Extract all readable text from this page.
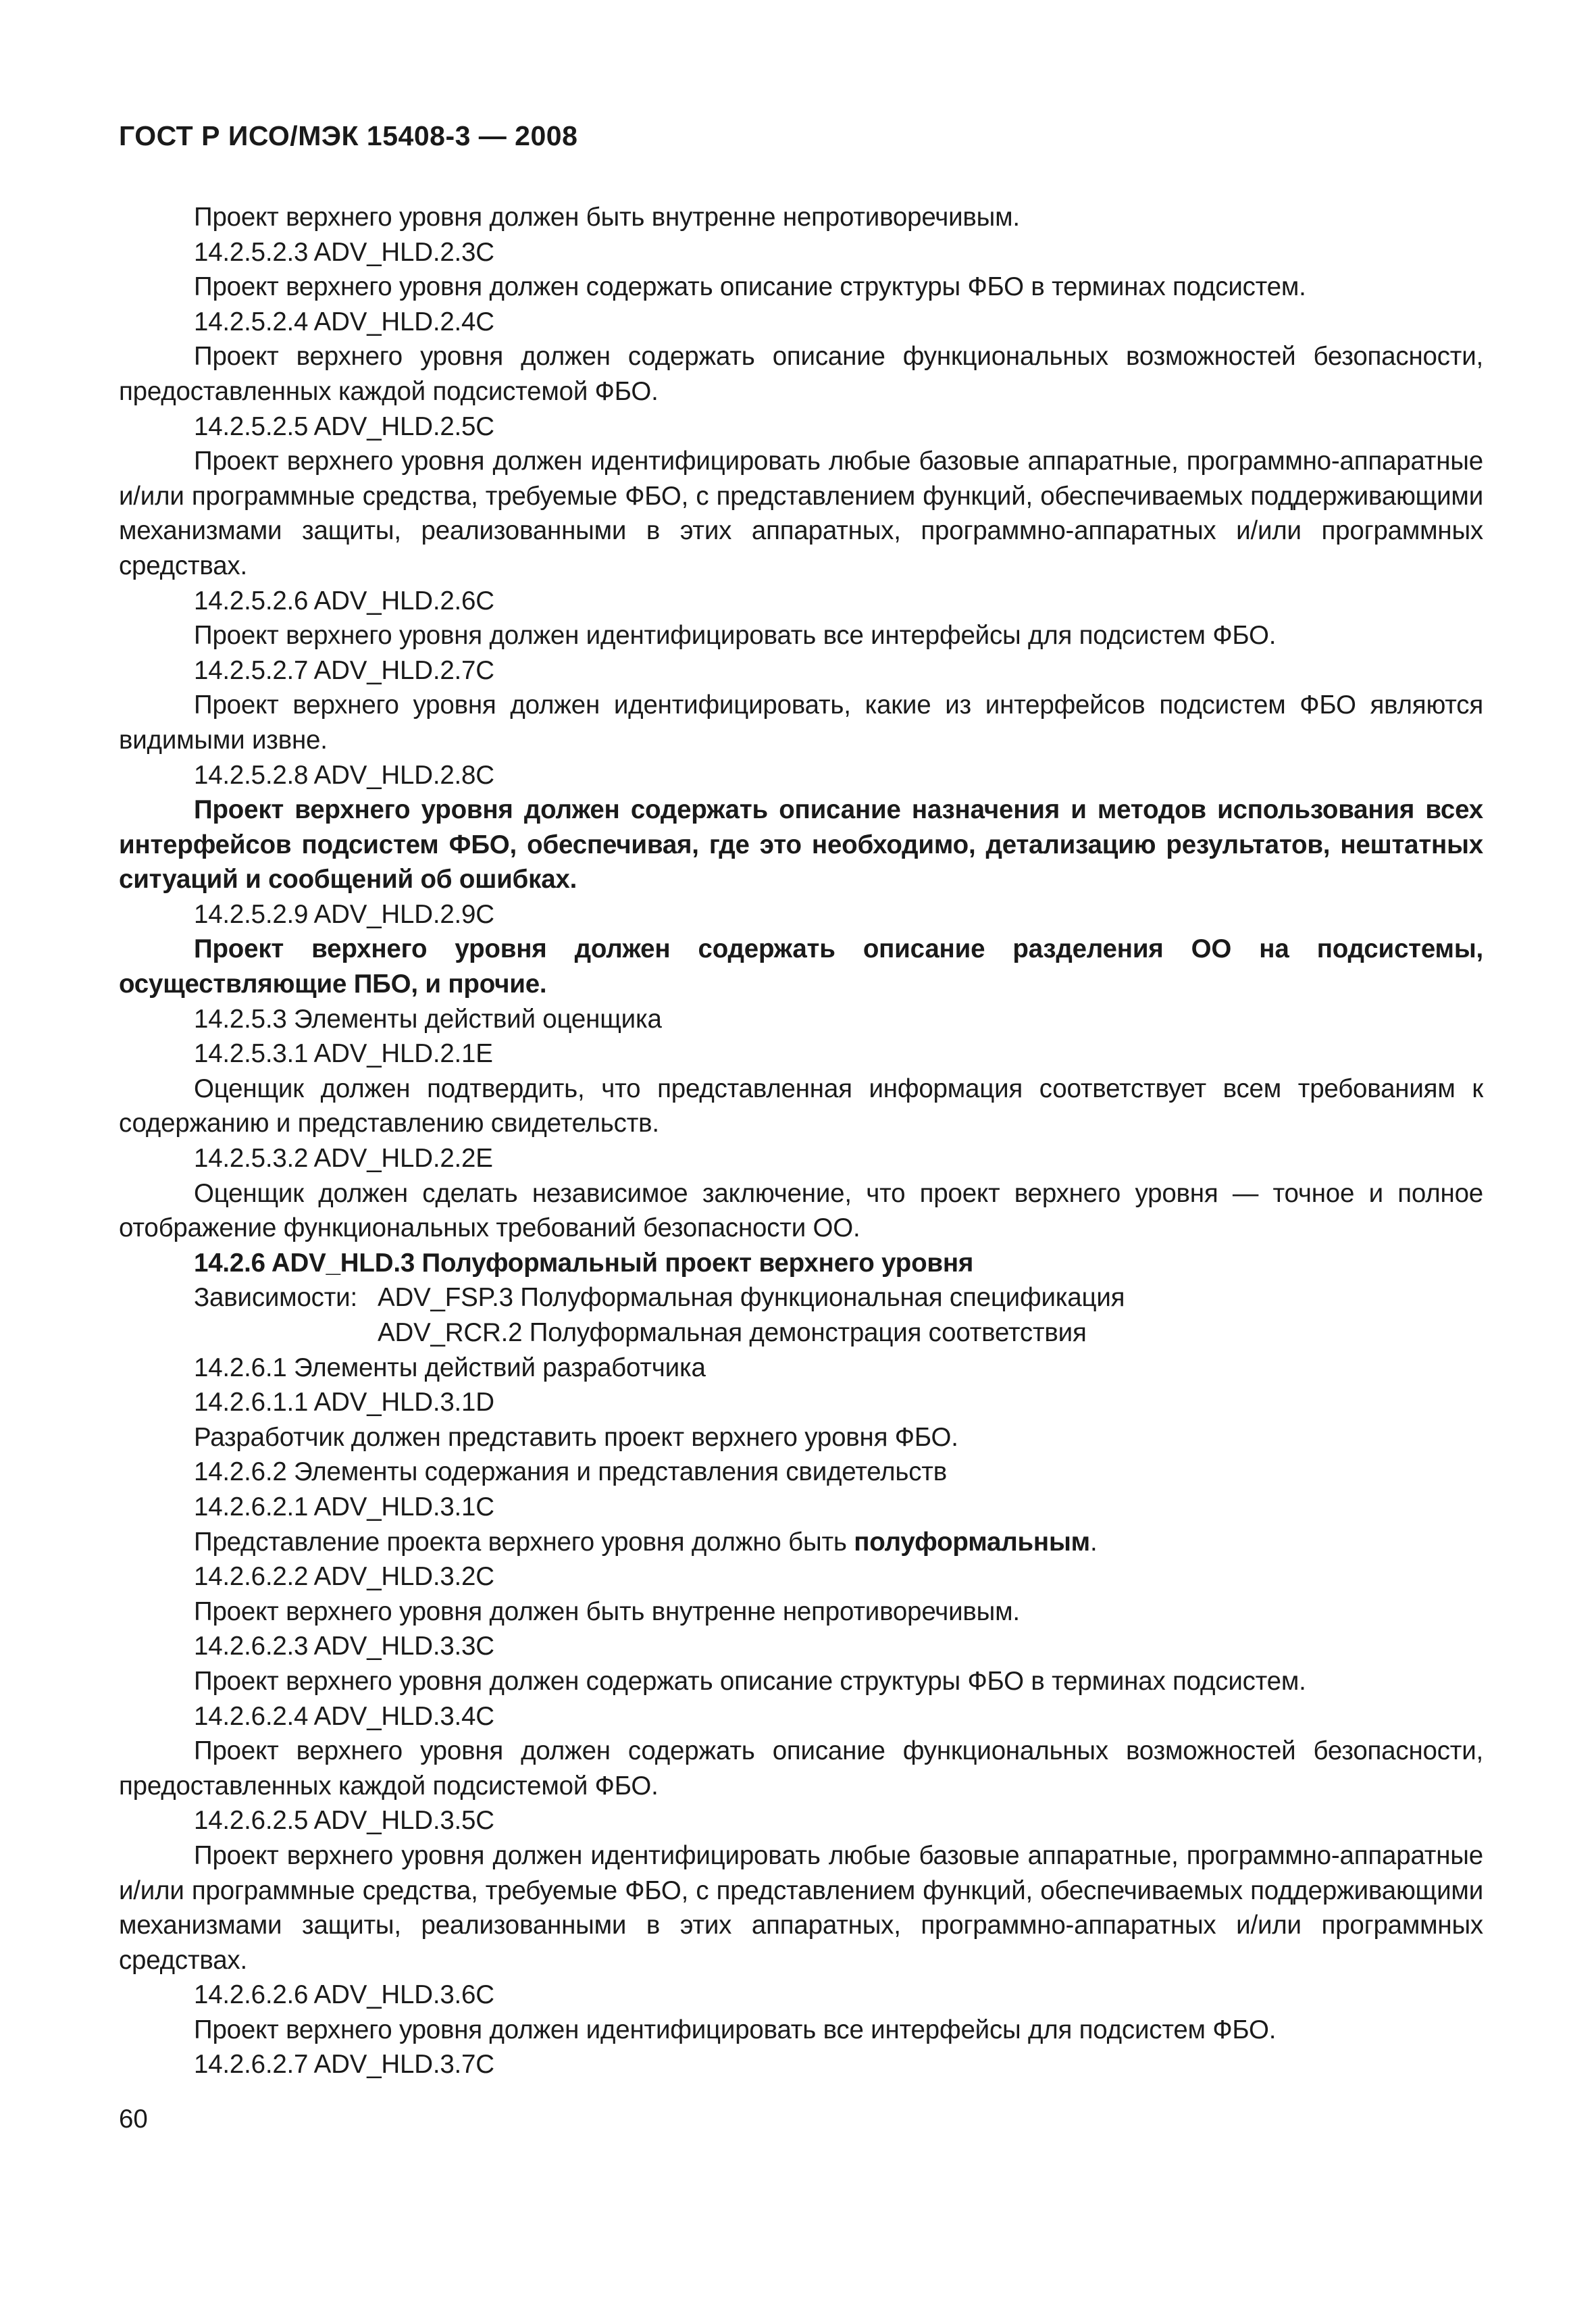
ГОСТ Р ИСО/МЭК 15408-3 — 2008

Проект верхнего уровня должен быть внутренне непротиворечивым.

14.2.5.2.3 ADV_HLD.2.3C

Проект верхнего уровня должен содержать описание структуры ФБО в терминах подсистем.

14.2.5.2.4 ADV_HLD.2.4C

Проект верхнего уровня должен содержать описание функциональных возможностей безопасности, предоставленных каждой подсистемой ФБО.

14.2.5.2.5 ADV_HLD.2.5C

Проект верхнего уровня должен идентифицировать любые базовые аппаратные, программно-аппаратные и/или программные средства, требуемые ФБО, с представлением функций, обеспечиваемых поддерживающими механизмами защиты, реализованными в этих аппаратных, программно-аппаратных и/или программных средствах.

14.2.5.2.6 ADV_HLD.2.6C

Проект верхнего уровня должен идентифицировать все интерфейсы для подсистем ФБО.

14.2.5.2.7 ADV_HLD.2.7C

Проект верхнего уровня должен идентифицировать, какие из интерфейсов подсистем ФБО являются видимыми извне.

14.2.5.2.8 ADV_HLD.2.8C

Проект верхнего уровня должен содержать описание назначения и методов использования всех интерфейсов подсистем ФБО, обеспечивая, где это необходимо, детализацию результатов, нештатных ситуаций и сообщений об ошибках.

14.2.5.2.9 ADV_HLD.2.9C

Проект верхнего уровня должен содержать описание разделения ОО на подсистемы, осуществляющие ПБО, и прочие.

14.2.5.3 Элементы действий оценщика

14.2.5.3.1 ADV_HLD.2.1E

Оценщик должен подтвердить, что представленная информация соответствует всем требованиям к содержанию и представлению свидетельств.

14.2.5.3.2 ADV_HLD.2.2E

Оценщик должен сделать независимое заключение, что проект верхнего уровня — точное и полное отображение функциональных требований безопасности ОО.

14.2.6 ADV_HLD.3 Полуформальный проект верхнего уровня

Зависимости: ADV_FSP.3 Полуформальная функциональная спецификация

ADV_RCR.2 Полуформальная демонстрация соответствия

14.2.6.1 Элементы действий разработчика

14.2.6.1.1 ADV_HLD.3.1D

Разработчик должен представить проект верхнего уровня ФБО.

14.2.6.2 Элементы содержания и представления свидетельств

14.2.6.2.1 ADV_HLD.3.1C

Представление проекта верхнего уровня должно быть полуформальным.

14.2.6.2.2 ADV_HLD.3.2C

Проект верхнего уровня должен быть внутренне непротиворечивым.

14.2.6.2.3 ADV_HLD.3.3C

Проект верхнего уровня должен содержать описание структуры ФБО в терминах подсистем.

14.2.6.2.4 ADV_HLD.3.4C

Проект верхнего уровня должен содержать описание функциональных возможностей безопасности, предоставленных каждой подсистемой ФБО.

14.2.6.2.5 ADV_HLD.3.5C

Проект верхнего уровня должен идентифицировать любые базовые аппаратные, программно-аппаратные и/или программные средства, требуемые ФБО, с представлением функций, обеспечиваемых поддерживающими механизмами защиты, реализованными в этих аппаратных, программно-аппаратных и/или программных средствах.

14.2.6.2.6 ADV_HLD.3.6C

Проект верхнего уровня должен идентифицировать все интерфейсы для подсистем ФБО.

14.2.6.2.7 ADV_HLD.3.7C

60
